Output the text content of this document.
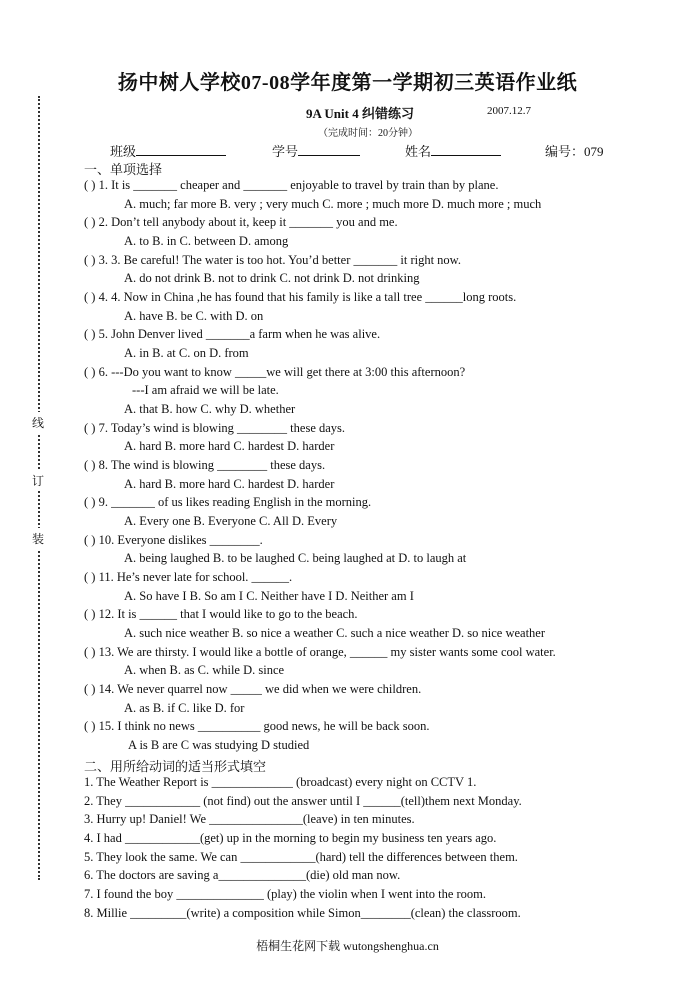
线
订
装
扬中树人学校07-08学年度第一学期初三英语作业纸
9A Unit 4 纠错练习	2007.12.7
（完成时间：20分钟）
班级	学号	姓名	编号：079
一、单项选择
( ) 1. It is _______ cheaper and _______ enjoyable to travel by train than by plane.
A. much; far more B. very ; very much C. more ; much more D. much more ; much
( ) 2. Don’t tell anybody about it, keep it _______ you and me.
A. to B. in C. between D. among
( ) 3. 3. Be careful! The water is too hot. You’d better _______ it right now.
A. do not drink B. not to drink C. not drink D. not drinking
( ) 4. 4. Now in China ,he has found that his family is like a tall tree ______long roots.
A. have B. be C. with D. on
( ) 5. John Denver lived _______a farm when he was alive.
A. in B. at C. on D. from
( ) 6. ---Do you want to know _____we will get there at 3:00 this afternoon?
---I am afraid we will be late.
A. that B. how C. why D. whether
( ) 7. Today’s wind is blowing ________ these days.
A. hard B. more hard C. hardest D. harder
( ) 8. The wind is blowing ________ these days.
A. hard B. more hard C. hardest D. harder
( ) 9. _______ of us likes reading English in the morning.
A. Every one B. Everyone C. All D. Every
( ) 10. Everyone dislikes ________.
A. being laughed B. to be laughed C. being laughed at D. to laugh at
( ) 11. He’s never late for school. ______.
A. So have I B. So am I C. Neither have I D. Neither am I
( ) 12. It is ______ that I would like to go to the beach.
A. such nice weather B. so nice a weather C. such a nice weather D. so nice weather
( ) 13. We are thirsty. I would like a bottle of orange, ______ my sister wants some cool water.
A. when B. as C. while D. since
( ) 14. We never quarrel now _____ we did when we were children.
A. as B. if C. like D. for
( ) 15. I think no news __________ good news, he will be back soon.
A is B are C was studying D studied
二、用所给动词的适当形式填空
1. The Weather Report is _____________ (broadcast) every night on CCTV 1.
2. They ____________ (not find) out the answer until I ______(tell)them next Monday.
3. Hurry up! Daniel! We _______________(leave) in ten minutes.
4. I had ____________(get) up in the morning to begin my business ten years ago.
5. They look the same. We can ____________(hard) tell the differences between them.
6. The doctors are saving a______________(die) old man now.
7. I found the boy ______________ (play) the violin when I went into the room.
8. Millie _________(write) a composition while Simon________(clean) the classroom.
梧桐生花网下载 wutongshenghua.cn
